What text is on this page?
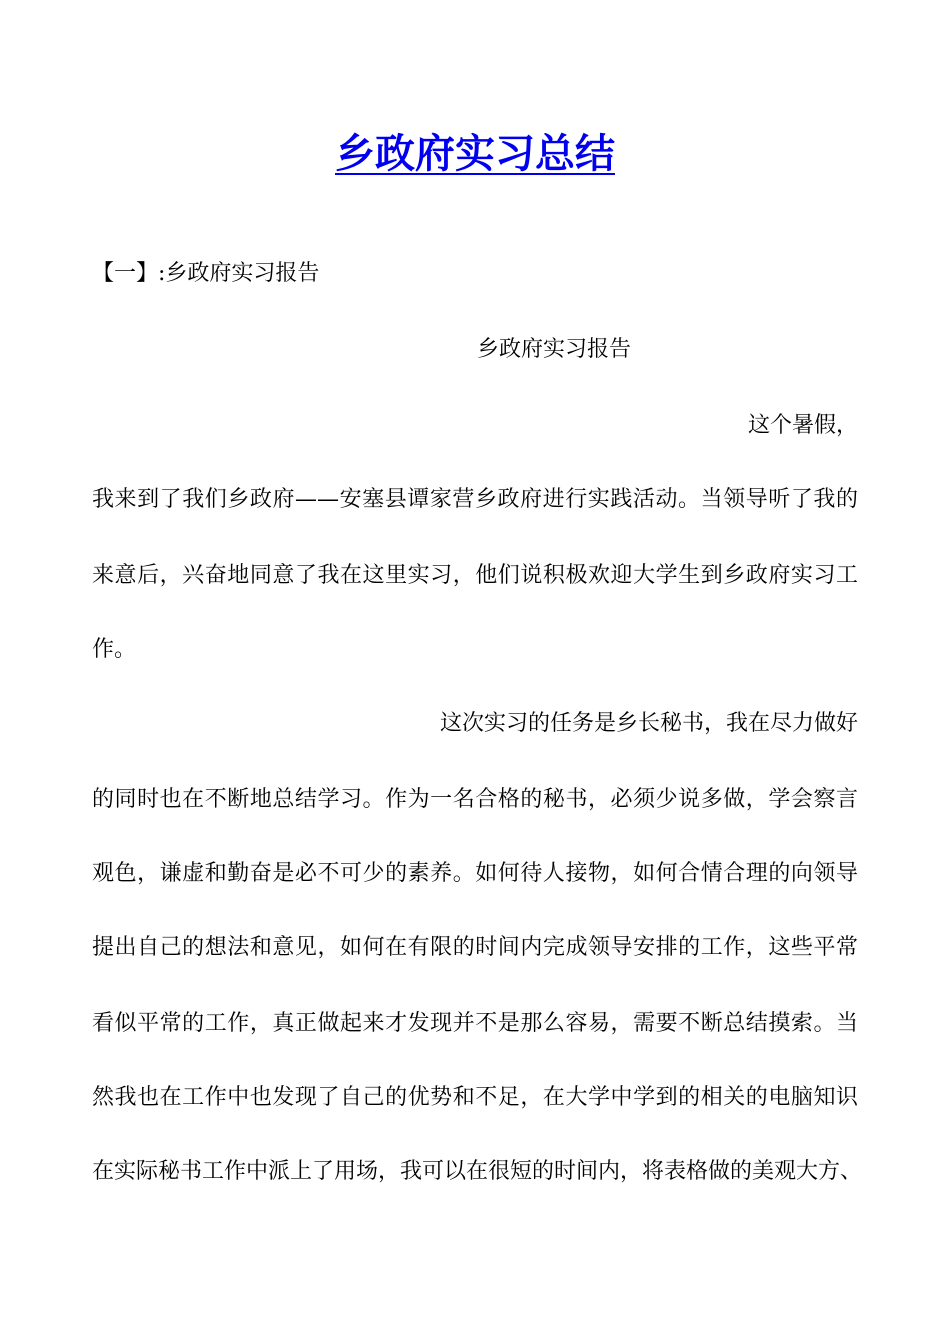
乡政府实习总结
【一】:乡政府实习报告
乡政府实习报告
这个暑假，
我来到了我们乡政府——安塞县谭家营乡政府进行实践活动。当领导听了我的
来意后，兴奋地同意了我在这里实习，他们说积极欢迎大学生到乡政府实习工
作。
这次实习的任务是乡长秘书，我在尽力做好
的同时也在不断地总结学习。作为一名合格的秘书，必须少说多做，学会察言
观色，谦虚和勤奋是必不可少的素养。如何待人接物，如何合情合理的向领导
提出自己的想法和意见，如何在有限的时间内完成领导安排的工作，这些平常
看似平常的工作，真正做起来才发现并不是那么容易，需要不断总结摸索。当
然我也在工作中也发现了自己的优势和不足，在大学中学到的相关的电脑知识
在实际秘书工作中派上了用场，我可以在很短的时间内，将表格做的美观大方、
